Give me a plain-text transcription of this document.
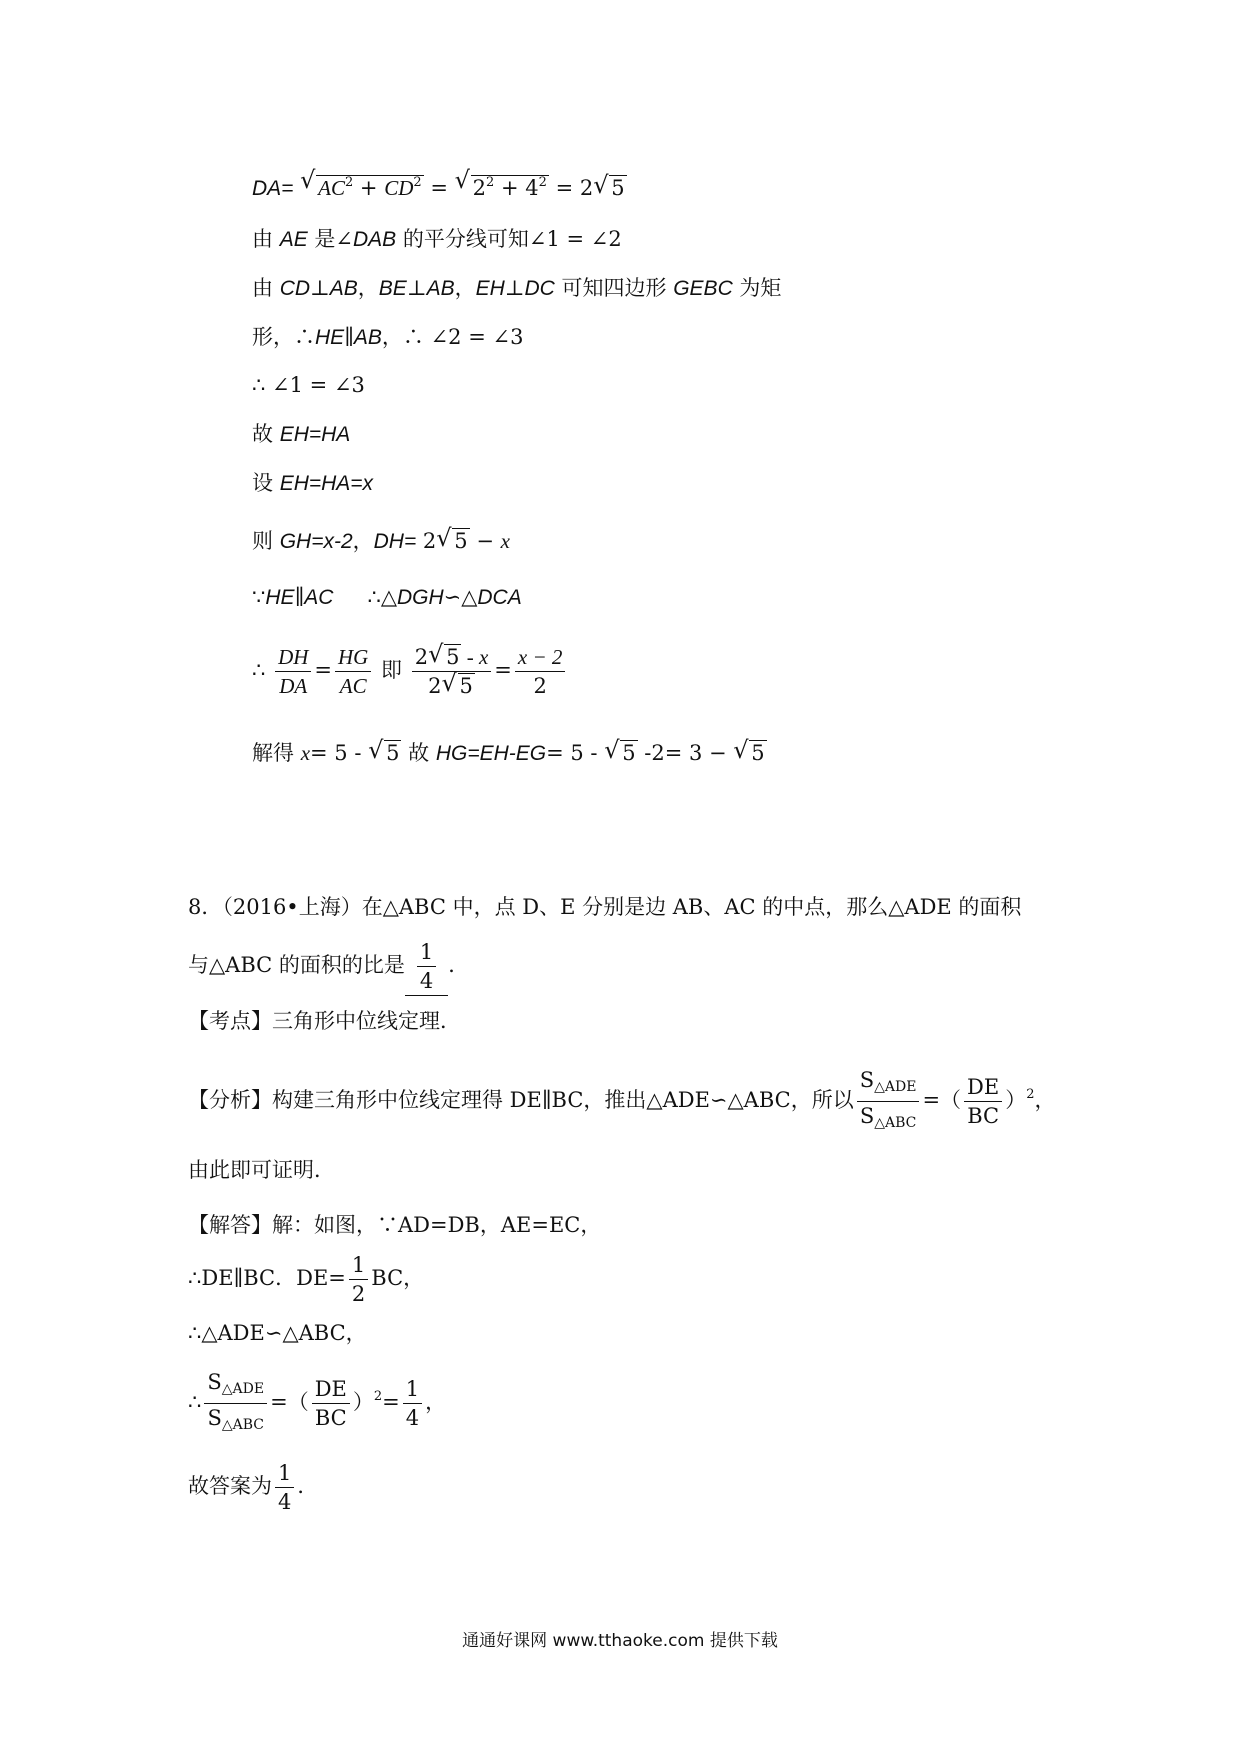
DA= √ $AC^2 + CD^2$ = √ $2^2 + 4^2 = 2√$ 5
由 AE 是∠DAB 的平分线可知∠1 = ∠2
由 CD⊥AB，BE⊥AB，EH⊥DC 可知四边形 GEBC 为矩
形，∴HE∥AB，∴ ∠2 = ∠3
∴ ∠1 = ∠3
故 EH=HA
设 EH=HA=x
则 GH=x-2，DH= 2√ 5 − x
∵HE∥AC ∴△DGH∽△DCA
∴ $\frac{DH}{DA} = \frac{HG}{AC}$ 即 $\frac{2√ 5 - x}{2√ 5} = \frac{x - 2}{2}$
解得 x= 5 - √ 5 故 HG=EH-EG= 5 - √ 5 -2= 3 − √ 5
8．（2016•上海）在△ABC 中，点 D、E 分别是边 AB、AC 的中点，那么△ADE 的面积
与△ABC 的面积的比是 $\frac{1}{4}$ ．
【考点】三角形中位线定理．
【分析】构建三角形中位线定理得 DE∥BC，推出△ADE∽△ABC，所以 $\frac{S_{\triangle ADE}}{S_{\triangle ABC}}$ =（ $\frac{DE}{BC} )^2$，
由此即可证明．
【解答】解：如图，∵AD=DB，AE=EC，
∴DE∥BC．$DE= \frac{1}{2}$ BC，
∴△ADE∽△ABC，
∴ $\frac{S_{\triangle ADE}}{S_{\triangle ABC}}$ =（ $\frac{DE}{BC} )^2= \frac{1}{4}$ ，
故答案为 $\frac{1}{4}$ ．
通通好课网 www.tthaoke.com 提供下载
